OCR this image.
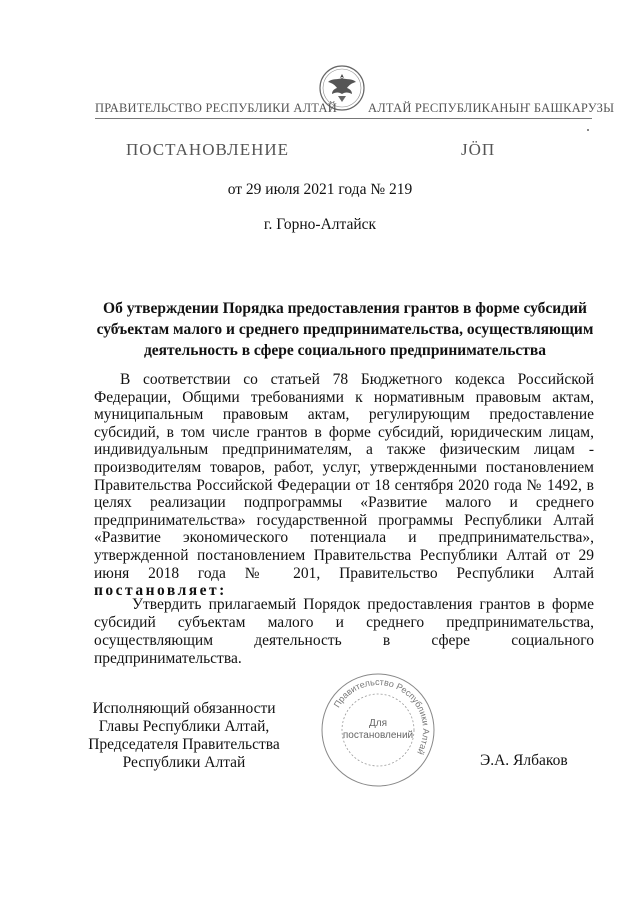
ПРАВИТЕЛЬСТВО РЕСПУБЛИКИ АЛТАЙ АЛТАЙ РЕСПУБЛИКАНЫҤ БАШКАРУЗЫ
ПОСТАНОВЛЕНИЕ	JӦП
от 29 июля 2021 года № 219
г. Горно-Алтайск
Об утверждении Порядка предоставления грантов в форме субсидий субъектам малого и среднего предпринимательства, осуществляющим деятельность в сфере социального предпринимательства

В соответствии со статьей 78 Бюджетного кодекса Российской Федерации, Общими требованиями к нормативным правовым актам, муниципальным правовым актам, регулирующим предоставление субсидий, в том числе грантов в форме субсидий, юридическим лицам, индивидуальным предпринимателям, а также физическим лицам - производителям товаров, работ, услуг, утвержденными постановлением Правительства Российской Федерации от 18 сентября 2020 года № 1492, в целях реализации подпрограммы «Развитие малого и среднего предпринимательства» государственной программы Республики Алтай «Развитие экономического потенциала и предпринимательства», утвержденной постановлением Правительства Республики Алтай от 29 июня 2018 года № 201, Правительство Республики Алтай постановляет:

Утвердить прилагаемый Порядок предоставления грантов в форме субсидий субъектам малого и среднего предпринимательства, осуществляющим деятельность в сфере социального предпринимательства.

Исполняющий обязанности
Главы Республики Алтай,
Председателя Правительства
Республики Алтай
Правительство Республики Алтай
Для
постановлений
Э.А. Ялбаков
